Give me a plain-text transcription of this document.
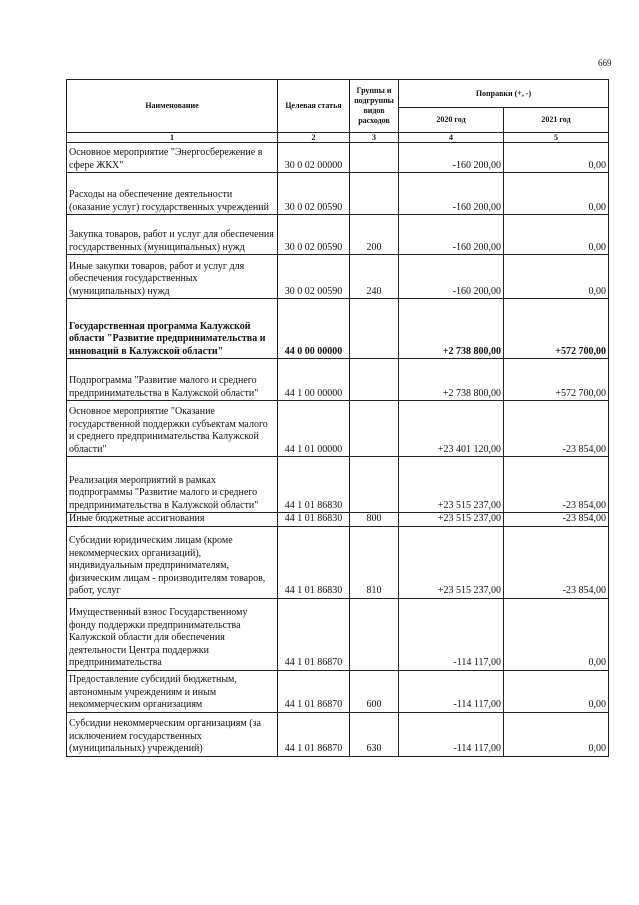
669
Наименование	Целевая статья	Группы и подгруппы видов расходов	Поправки (+, -)	
			2020 год	2021 год
1	2	3	4	5
Основное мероприятие "Энергосбережение в сфере ЖКХ"	30 0 02 00000		-160 200,00	0,00
Расходы на обеспечение деятельности (оказание услуг) государственных учреждений	30 0 02 00590		-160 200,00	0,00
Закупка товаров, работ и услуг для обеспечения государственных (муниципальных) нужд	30 0 02 00590	200	-160 200,00	0,00
Иные закупки товаров, работ и услуг для обеспечения государственных (муниципальных) нужд	30 0 02 00590	240	-160 200,00	0,00
Государственная программа Калужской области "Развитие предпринимательства и инноваций в Калужской области"	44 0 00 00000		+2 738 800,00	+572 700,00
Подпрограмма "Развитие малого и среднего предпринимательства в Калужской области"	44 1 00 00000		+2 738 800,00	+572 700,00
Основное мероприятие "Оказание государственной поддержки субъектам малого и среднего предпринимательства Калужской области"	44 1 01 00000		+23 401 120,00	-23 854,00
Реализация мероприятий в рамках подпрограммы "Развитие малого и среднего предпринимательства в Калужской области"	44 1 01 86830		+23 515 237,00	-23 854,00
Иные бюджетные ассигнования	44 1 01 86830	800	+23 515 237,00	-23 854,00
Субсидии юридическим лицам (кроме некоммерческих организаций), индивидуальным предпринимателям, физическим лицам - производителям товаров, работ, услуг	44 1 01 86830	810	+23 515 237,00	-23 854,00
Имущественный взнос Государственному фонду поддержки предпринимательства Калужской области для обеспечения деятельности Центра поддержки предпринимательства	44 1 01 86870		-114 117,00	0,00
Предоставление субсидий бюджетным, автономным учреждениям и иным некоммерческим организациям	44 1 01 86870	600	-114 117,00	0,00
Субсидии некоммерческим организациям (за исключением государственных (муниципальных) учреждений)	44 1 01 86870	630	-114 117,00	0,00
